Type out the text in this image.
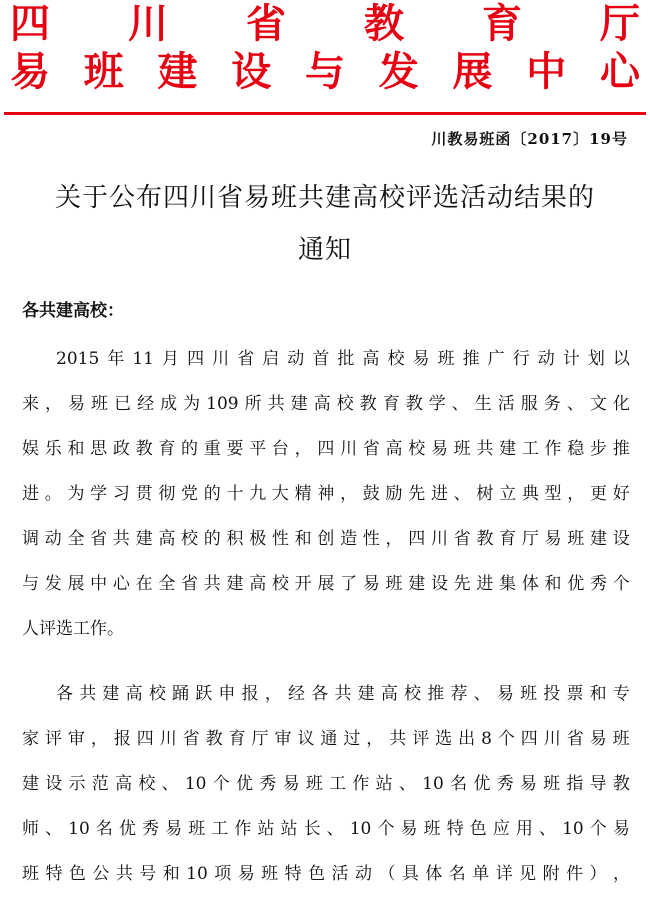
四 川 省 教 育 厅
易 班 建 设 与 发 展 中 心
川教易班函〔2017〕19号
关于公布四川省易班共建高校评选活动结果的
通知
各共建高校：
2015 年 11 月 四 川 省 启 动 首 批 高 校 易 班 推 广 行 动 计 划 以
来 ， 易 班 已 经 成 为 109 所 共 建 高 校 教 育 教 学 、 生 活 服 务 、 文 化
娱 乐 和 思 政 教 育 的 重 要 平 台 ， 四 川 省 高 校 易 班 共 建 工 作 稳 步 推
进 。 为 学 习 贯 彻 党 的 十 九 大 精 神 ， 鼓 励 先 进 、 树 立 典 型 ， 更 好
调 动 全 省 共 建 高 校 的 积 极 性 和 创 造 性 ， 四 川 省 教 育 厅 易 班 建 设
与 发 展 中 心 在 全 省 共 建 高 校 开 展 了 易 班 建 设 先 进 集 体 和 优 秀 个
人评选工作。
各 共 建 高 校 踊 跃 申 报 ， 经 各 共 建 高 校 推 荐 、 易 班 投 票 和 专
家 评 审 ， 报 四 川 省 教 育 厅 审 议 通 过 ， 共 评 选 出 8 个 四 川 省 易 班
建 设 示 范 高 校 、 10 个 优 秀 易 班 工 作 站 、 10 名 优 秀 易 班 指 导 教
师 、 10 名 优 秀 易 班 工 作 站 站 长 、 10 个 易 班 特 色 应 用 、 10 个 易
班 特 色 公 共 号 和 10 项 易 班 特 色 活 动 （ 具 体 名 单 详 见 附 件 ） ，
